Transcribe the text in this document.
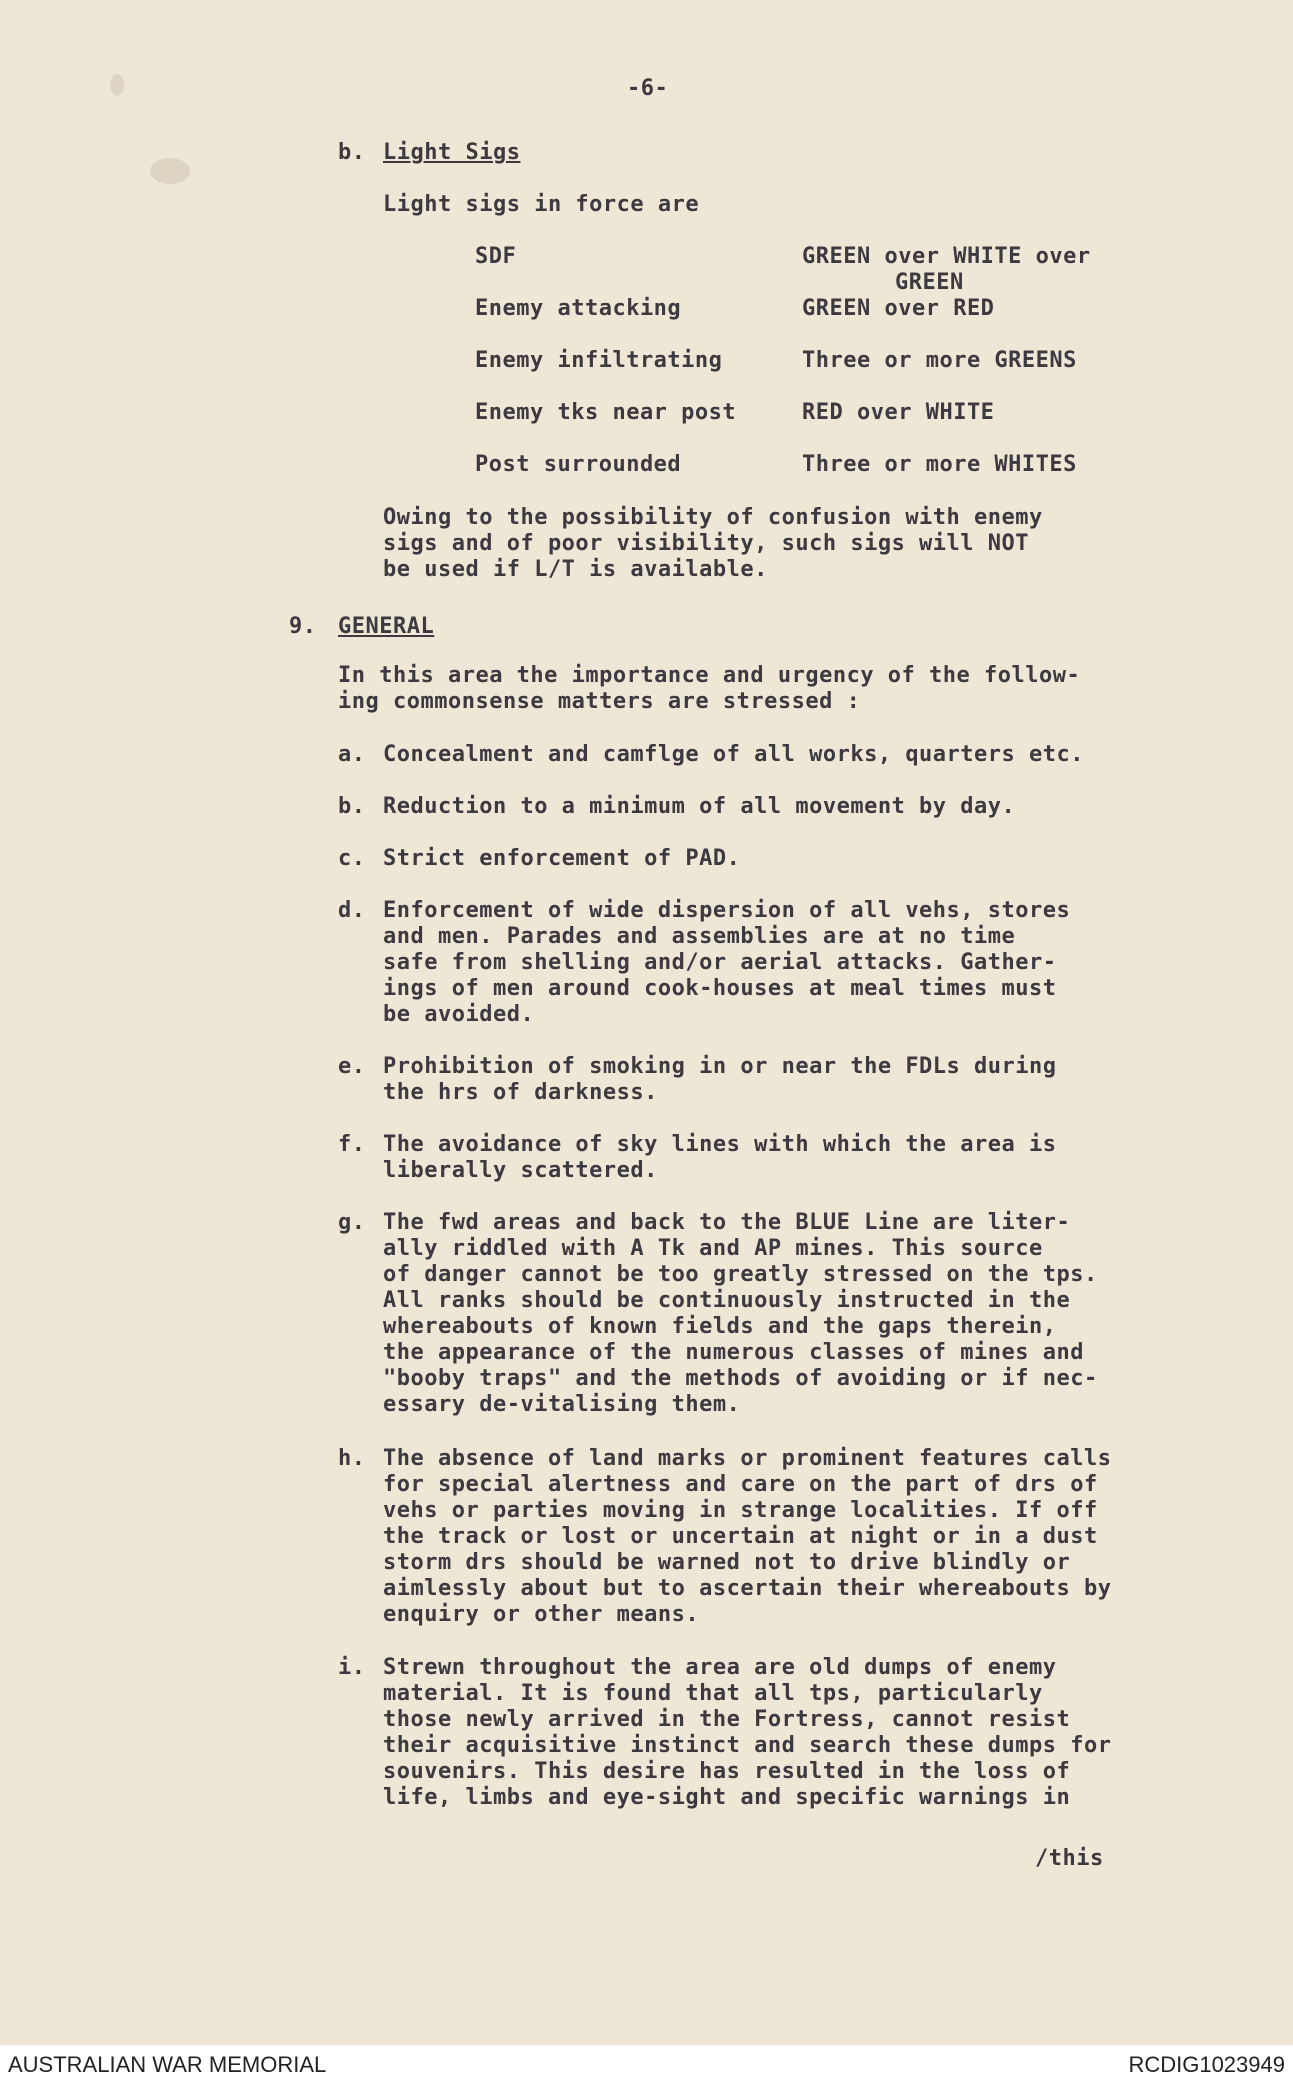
-6-
b. Light Sigs
Light sigs in force are
SDF	GREEN over WHITE over
GREEN
Enemy attacking	GREEN over RED
Enemy infiltrating	Three or more GREENS
Enemy tks near post	RED over WHITE
Post surrounded	Three or more WHITES
Owing to the possibility of confusion with enemy
sigs and of poor visibility, such sigs will NOT
be used if L/T is available.
9. GENERAL
In this area the importance and urgency of the follow-
ing commonsense matters are stressed :
a. Concealment and camflge of all works, quarters etc.
b. Reduction to a minimum of all movement by day.
c. Strict enforcement of PAD.
d. Enforcement of wide dispersion of all vehs, stores
and men. Parades and assemblies are at no time
safe from shelling and/or aerial attacks. Gather-
ings of men around cook-houses at meal times must
be avoided.
e. Prohibition of smoking in or near the FDLs during
the hrs of darkness.
f. The avoidance of sky lines with which the area is
liberally scattered.
g. The fwd areas and back to the BLUE Line are liter-
ally riddled with A Tk and AP mines. This source
of danger cannot be too greatly stressed on the tps.
All ranks should be continuously instructed in the
whereabouts of known fields and the gaps therein,
the appearance of the numerous classes of mines and
"booby traps" and the methods of avoiding or if nec-
essary de-vitalising them.
h. The absence of land marks or prominent features calls
for special alertness and care on the part of drs of
vehs or parties moving in strange localities. If off
the track or lost or uncertain at night or in a dust
storm drs should be warned not to drive blindly or
aimlessly about but to ascertain their whereabouts by
enquiry or other means.
i. Strewn throughout the area are old dumps of enemy
material. It is found that all tps, particularly
those newly arrived in the Fortress, cannot resist
their acquisitive instinct and search these dumps for
souvenirs. This desire has resulted in the loss of
life, limbs and eye-sight and specific warnings in
/this
AUSTRALIAN WAR MEMORIAL	RCDIG1023949
